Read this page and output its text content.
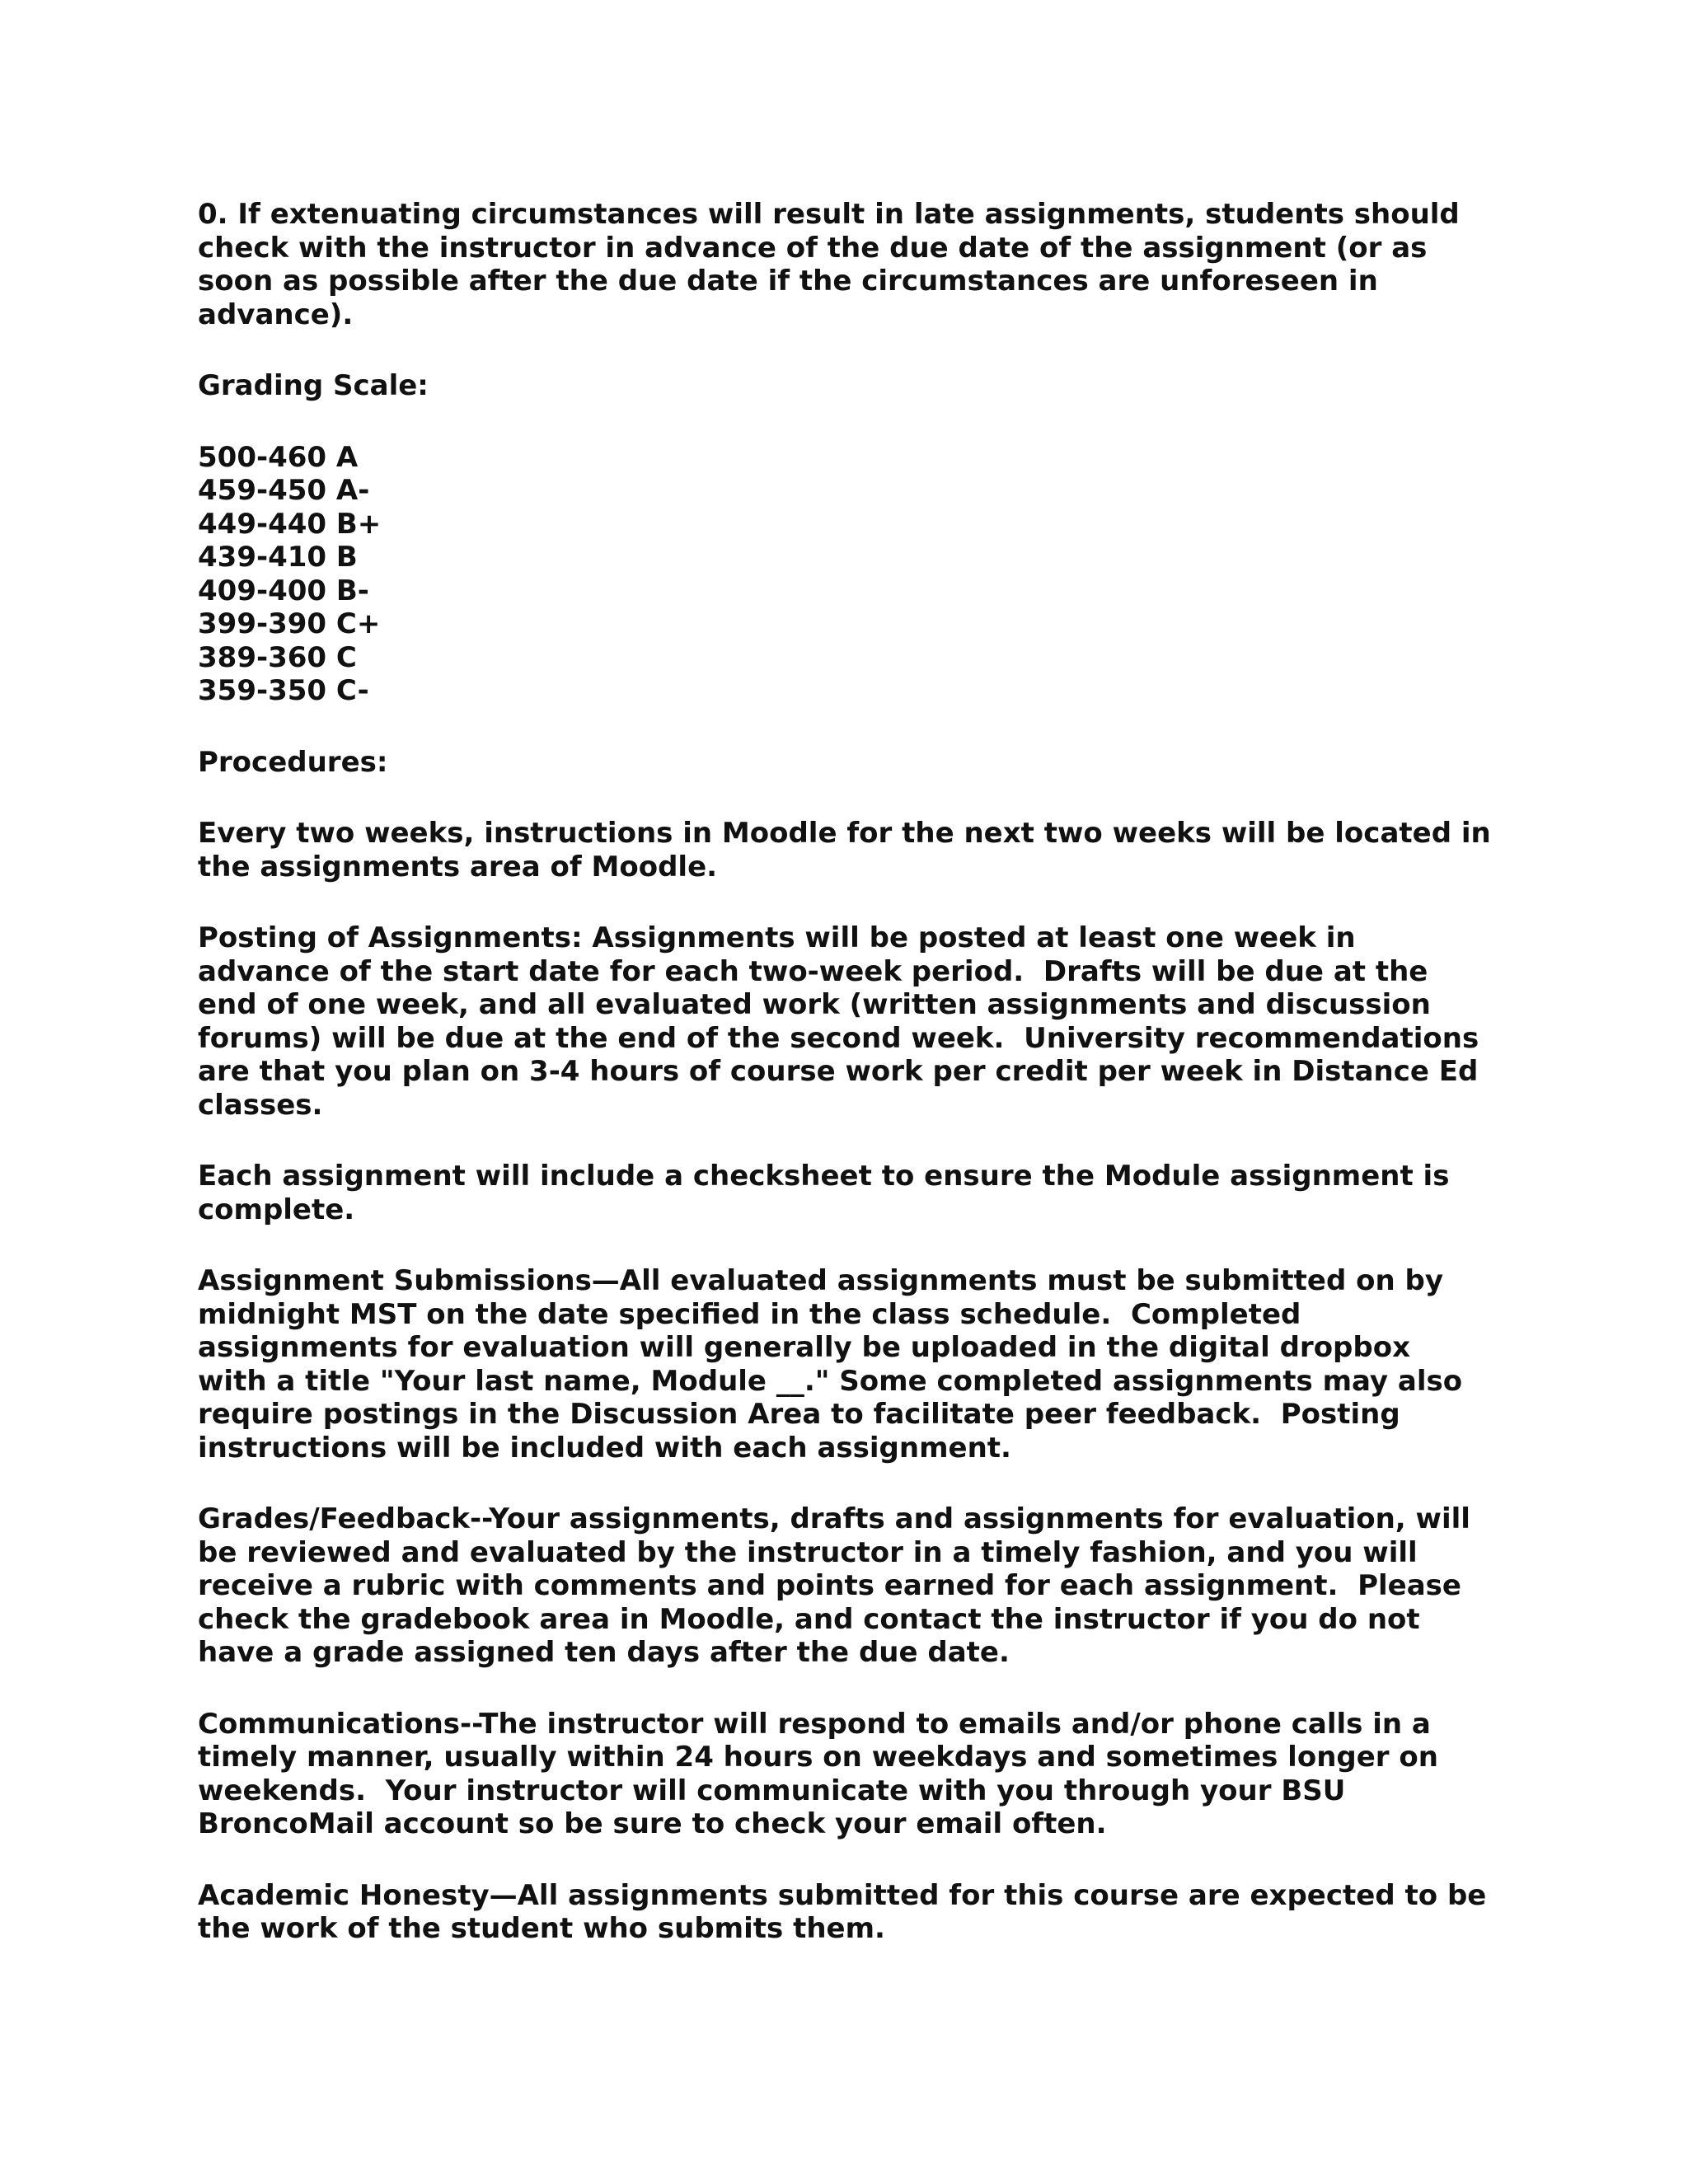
0. If extenuating circumstances will result in late assignments, students should check with the instructor in advance of the due date of the assignment (or as soon as possible after the due date if the circumstances are unforeseen in advance).

Grading Scale:

500-460 A
459-450 A-
449-440 B+
439-410 B
409-400 B-
399-390 C+
389-360 C
359-350 C-

Procedures:

Every two weeks, instructions in Moodle for the next two weeks will be located in the assignments area of Moodle.

Posting of Assignments: Assignments will be posted at least one week in advance of the start date for each two-week period.  Drafts will be due at the end of one week, and all evaluated work (written assignments and discussion forums) will be due at the end of the second week.  University recommendations are that you plan on 3-4 hours of course work per credit per week in Distance Ed classes.

Each assignment will include a checksheet to ensure the Module assignment is complete.

Assignment Submissions—All evaluated assignments must be submitted on by midnight MST on the date specified in the class schedule.  Completed assignments for evaluation will generally be uploaded in the digital dropbox  with a title "Your last name, Module __." Some completed assignments may also require postings in the Discussion Area to facilitate peer feedback.  Posting instructions will be included with each assignment.

Grades/Feedback--Your assignments, drafts and assignments for evaluation, will be reviewed and evaluated by the instructor in a timely fashion, and you will receive a rubric with comments and points earned for each assignment.  Please check the gradebook area in Moodle, and contact the instructor if you do not have a grade assigned ten days after the due date.

Communications--The instructor will respond to emails and/or phone calls in a timely manner, usually within 24 hours on weekdays and sometimes longer on weekends.  Your instructor will communicate with you through your BSU BroncoMail account so be sure to check your email often.

Academic Honesty—All assignments submitted for this course are expected to be the work of the student who submits them.
